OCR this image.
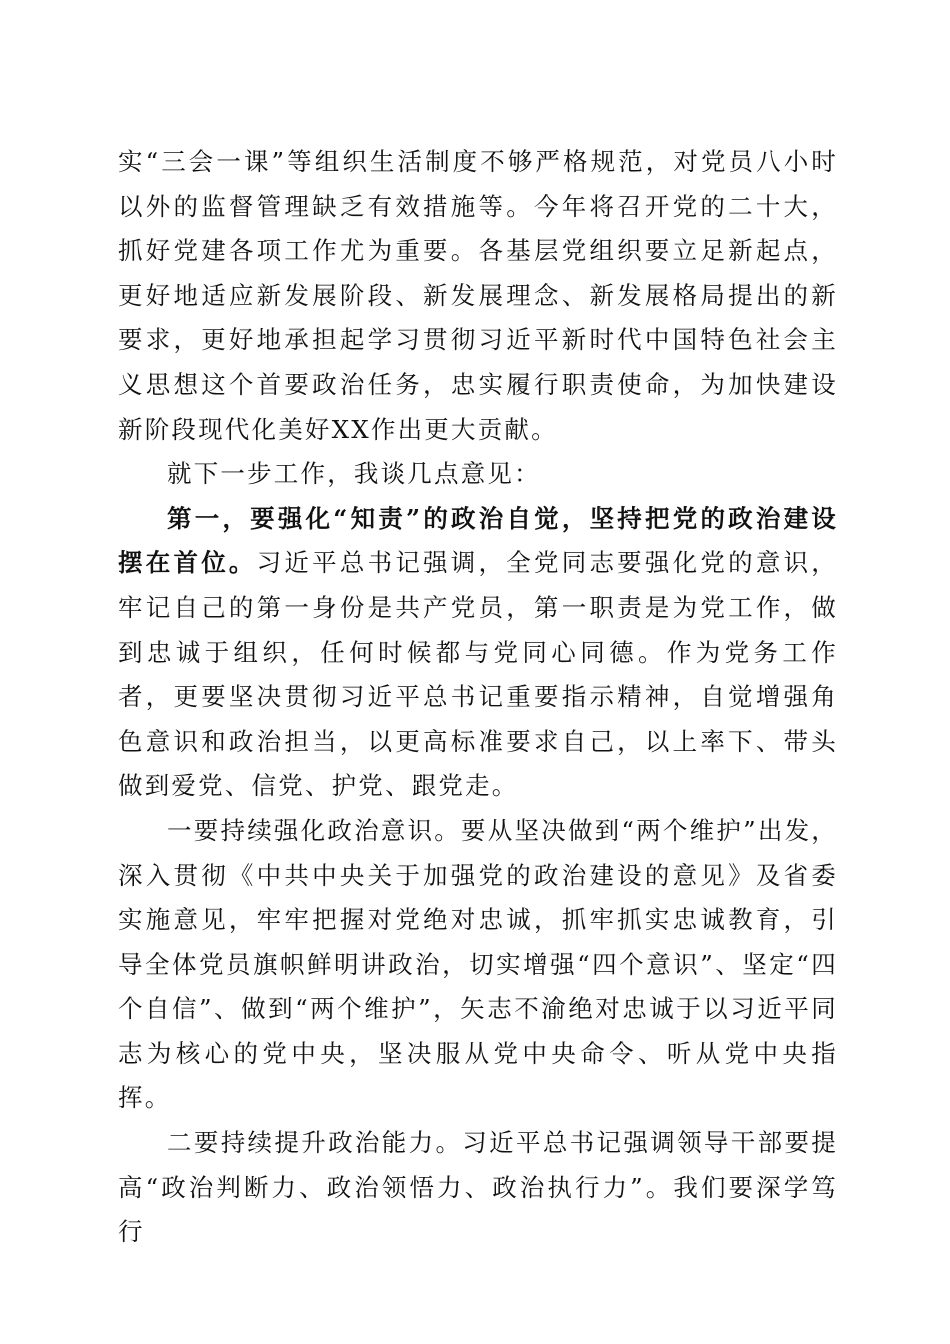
实“三会一课”等组织生活制度不够严格规范，对党员八小时以外的监督管理缺乏有效措施等。今年将召开党的二十大，抓好党建各项工作尤为重要。各基层党组织要立足新起点，更好地适应新发展阶段、新发展理念、新发展格局提出的新要求，更好地承担起学习贯彻习近平新时代中国特色社会主义思想这个首要政治任务，忠实履行职责使命，为加快建设新阶段现代化美好XX作出更大贡献。

就下一步工作，我谈几点意见：

第一，要强化“知责”的政治自觉，坚持把党的政治建设摆在首位。习近平总书记强调，全党同志要强化党的意识，牢记自己的第一身份是共产党员，第一职责是为党工作，做到忠诚于组织，任何时候都与党同心同德。作为党务工作者，更要坚决贯彻习近平总书记重要指示精神，自觉增强角色意识和政治担当，以更高标准要求自己，以上率下、带头做到爱党、信党、护党、跟党走。

一要持续强化政治意识。要从坚决做到“两个维护”出发，深入贯彻《中共中央关于加强党的政治建设的意见》及省委实施意见，牢牢把握对党绝对忠诚，抓牢抓实忠诚教育，引导全体党员旗帜鲜明讲政治，切实增强“四个意识”、坚定“四个自信”、做到“两个维护”，矢志不渝绝对忠诚于以习近平同志为核心的党中央，坚决服从党中央命令、听从党中央指挥。

二要持续提升政治能力。习近平总书记强调领导干部要提高“政治判断力、政治领悟力、政治执行力”。我们要深学笃行
